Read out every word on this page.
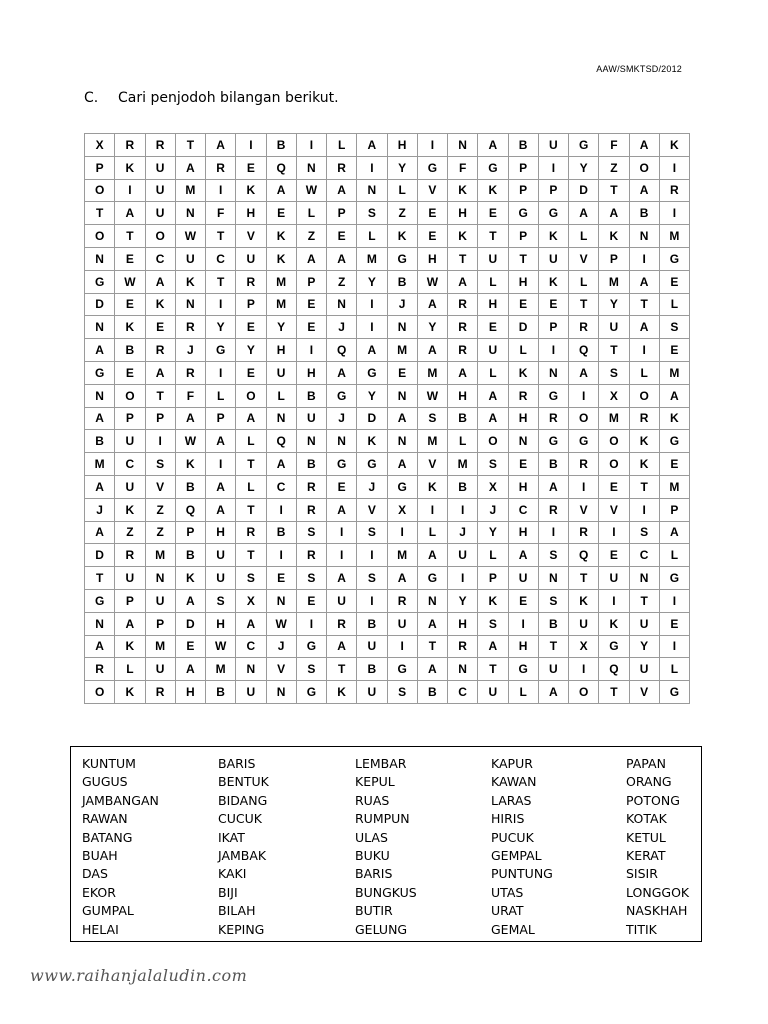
AAW/SMKTSD/2012
C. Cari penjodoh bilangan berikut.
X	R	R	T	A	I	B	I	L	A	H	I	N	A	B	U	G	F	A	K
P	K	U	A	R	E	Q	N	R	I	Y	G	F	G	P	I	Y	Z	O	I
O	I	U	M	I	K	A	W	A	N	L	V	K	K	P	P	D	T	A	R
T	A	U	N	F	H	E	L	P	S	Z	E	H	E	G	G	A	A	B	I
O	T	O	W	T	V	K	Z	E	L	K	E	K	T	P	K	L	K	N	M
N	E	C	U	C	U	K	A	A	M	G	H	T	U	T	U	V	P	I	G
G	W	A	K	T	R	M	P	Z	Y	B	W	A	L	H	K	L	M	A	E
D	E	K	N	I	P	M	E	N	I	J	A	R	H	E	E	T	Y	T	L
N	K	E	R	Y	E	Y	E	J	I	N	Y	R	E	D	P	R	U	A	S
A	B	R	J	G	Y	H	I	Q	A	M	A	R	U	L	I	Q	T	I	E
G	E	A	R	I	E	U	H	A	G	E	M	A	L	K	N	A	S	L	M
N	O	T	F	L	O	L	B	G	Y	N	W	H	A	R	G	I	X	O	A
A	P	P	A	P	A	N	U	J	D	A	S	B	A	H	R	O	M	R	K
B	U	I	W	A	L	Q	N	N	K	N	M	L	O	N	G	G	O	K	G
M	C	S	K	I	T	A	B	G	G	A	V	M	S	E	B	R	O	K	E
A	U	V	B	A	L	C	R	E	J	G	K	B	X	H	A	I	E	T	M
J	K	Z	Q	A	T	I	R	A	V	X	I	I	J	C	R	V	V	I	P
A	Z	Z	P	H	R	B	S	I	S	I	L	J	Y	H	I	R	I	S	A
D	R	M	B	U	T	I	R	I	I	M	A	U	L	A	S	Q	E	C	L
T	U	N	K	U	S	E	S	A	S	A	G	I	P	U	N	T	U	N	G
G	P	U	A	S	X	N	E	U	I	R	N	Y	K	E	S	K	I	T	I
N	A	P	D	H	A	W	I	R	B	U	A	H	S	I	B	U	K	U	E
A	K	M	E	W	C	J	G	A	U	I	T	R	A	H	T	X	G	Y	I
R	L	U	A	M	N	V	S	T	B	G	A	N	T	G	U	I	Q	U	L
O	K	R	H	B	U	N	G	K	U	S	B	C	U	L	A	O	T	V	G
KUNTUM
GUGUS
JAMBANGAN
RAWAN
BATANG
BUAH
DAS
EKOR
GUMPAL
HELAI
BARIS
BENTUK
BIDANG
CUCUK
IKAT
JAMBAK
KAKI
BIJI
BILAH
KEPING
LEMBAR
KEPUL
RUAS
RUMPUN
ULAS
BUKU
BARIS
BUNGKUS
BUTIR
GELUNG
KAPUR
KAWAN
LARAS
HIRIS
PUCUK
GEMPAL
PUNTUNG
UTAS
URAT
GEMAL
PAPAN
ORANG
POTONG
KOTAK
KETUL
KERAT
SISIR
LONGGOK
NASKHAH
TITIK
www.raihanjalaludin.com
